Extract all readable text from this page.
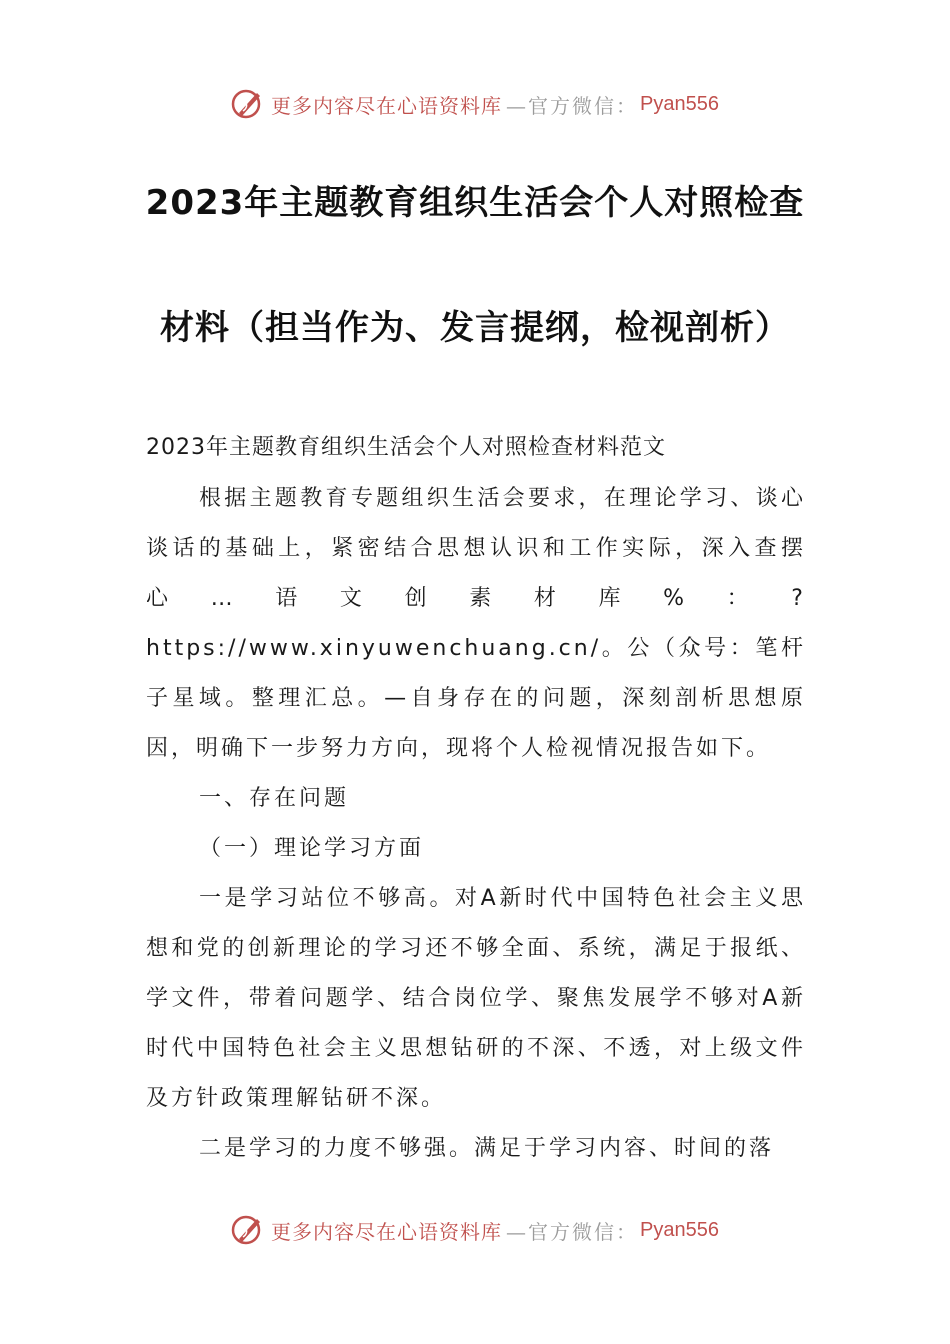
更多内容尽在心语资料库 —官方微信： Pyan556
2023年主题教育组织生活会个人对照检查
材料（担当作为、发言提纲，检视剖析）
2023年主题教育组织生活会个人对照检查材料范文

根据主题教育专题组织生活会要求，在理论学习、谈心谈话的基础上，紧密结合思想认识和工作实际，深入查摆心…语文创素材库%：?https://www.xinyuwenchuang.cn/。公（众号：笔杆子星域。整理汇总。—自身存在的问题，深刻剖析思想原因，明确下一步努力方向，现将个人检视情况报告如下。

一、存在问题

（一）理论学习方面

一是学习站位不够高。对A新时代中国特色社会主义思想和党的创新理论的学习还不够全面、系统，满足于报纸、学文件，带着问题学、结合岗位学、聚焦发展学不够对A新时代中国特色社会主义思想钻研的不深、不透，对上级文件及方针政策理解钻研不深。

二是学习的力度不够强。满足于学习内容、时间的落

更多内容尽在心语资料库 —官方微信： Pyan556
